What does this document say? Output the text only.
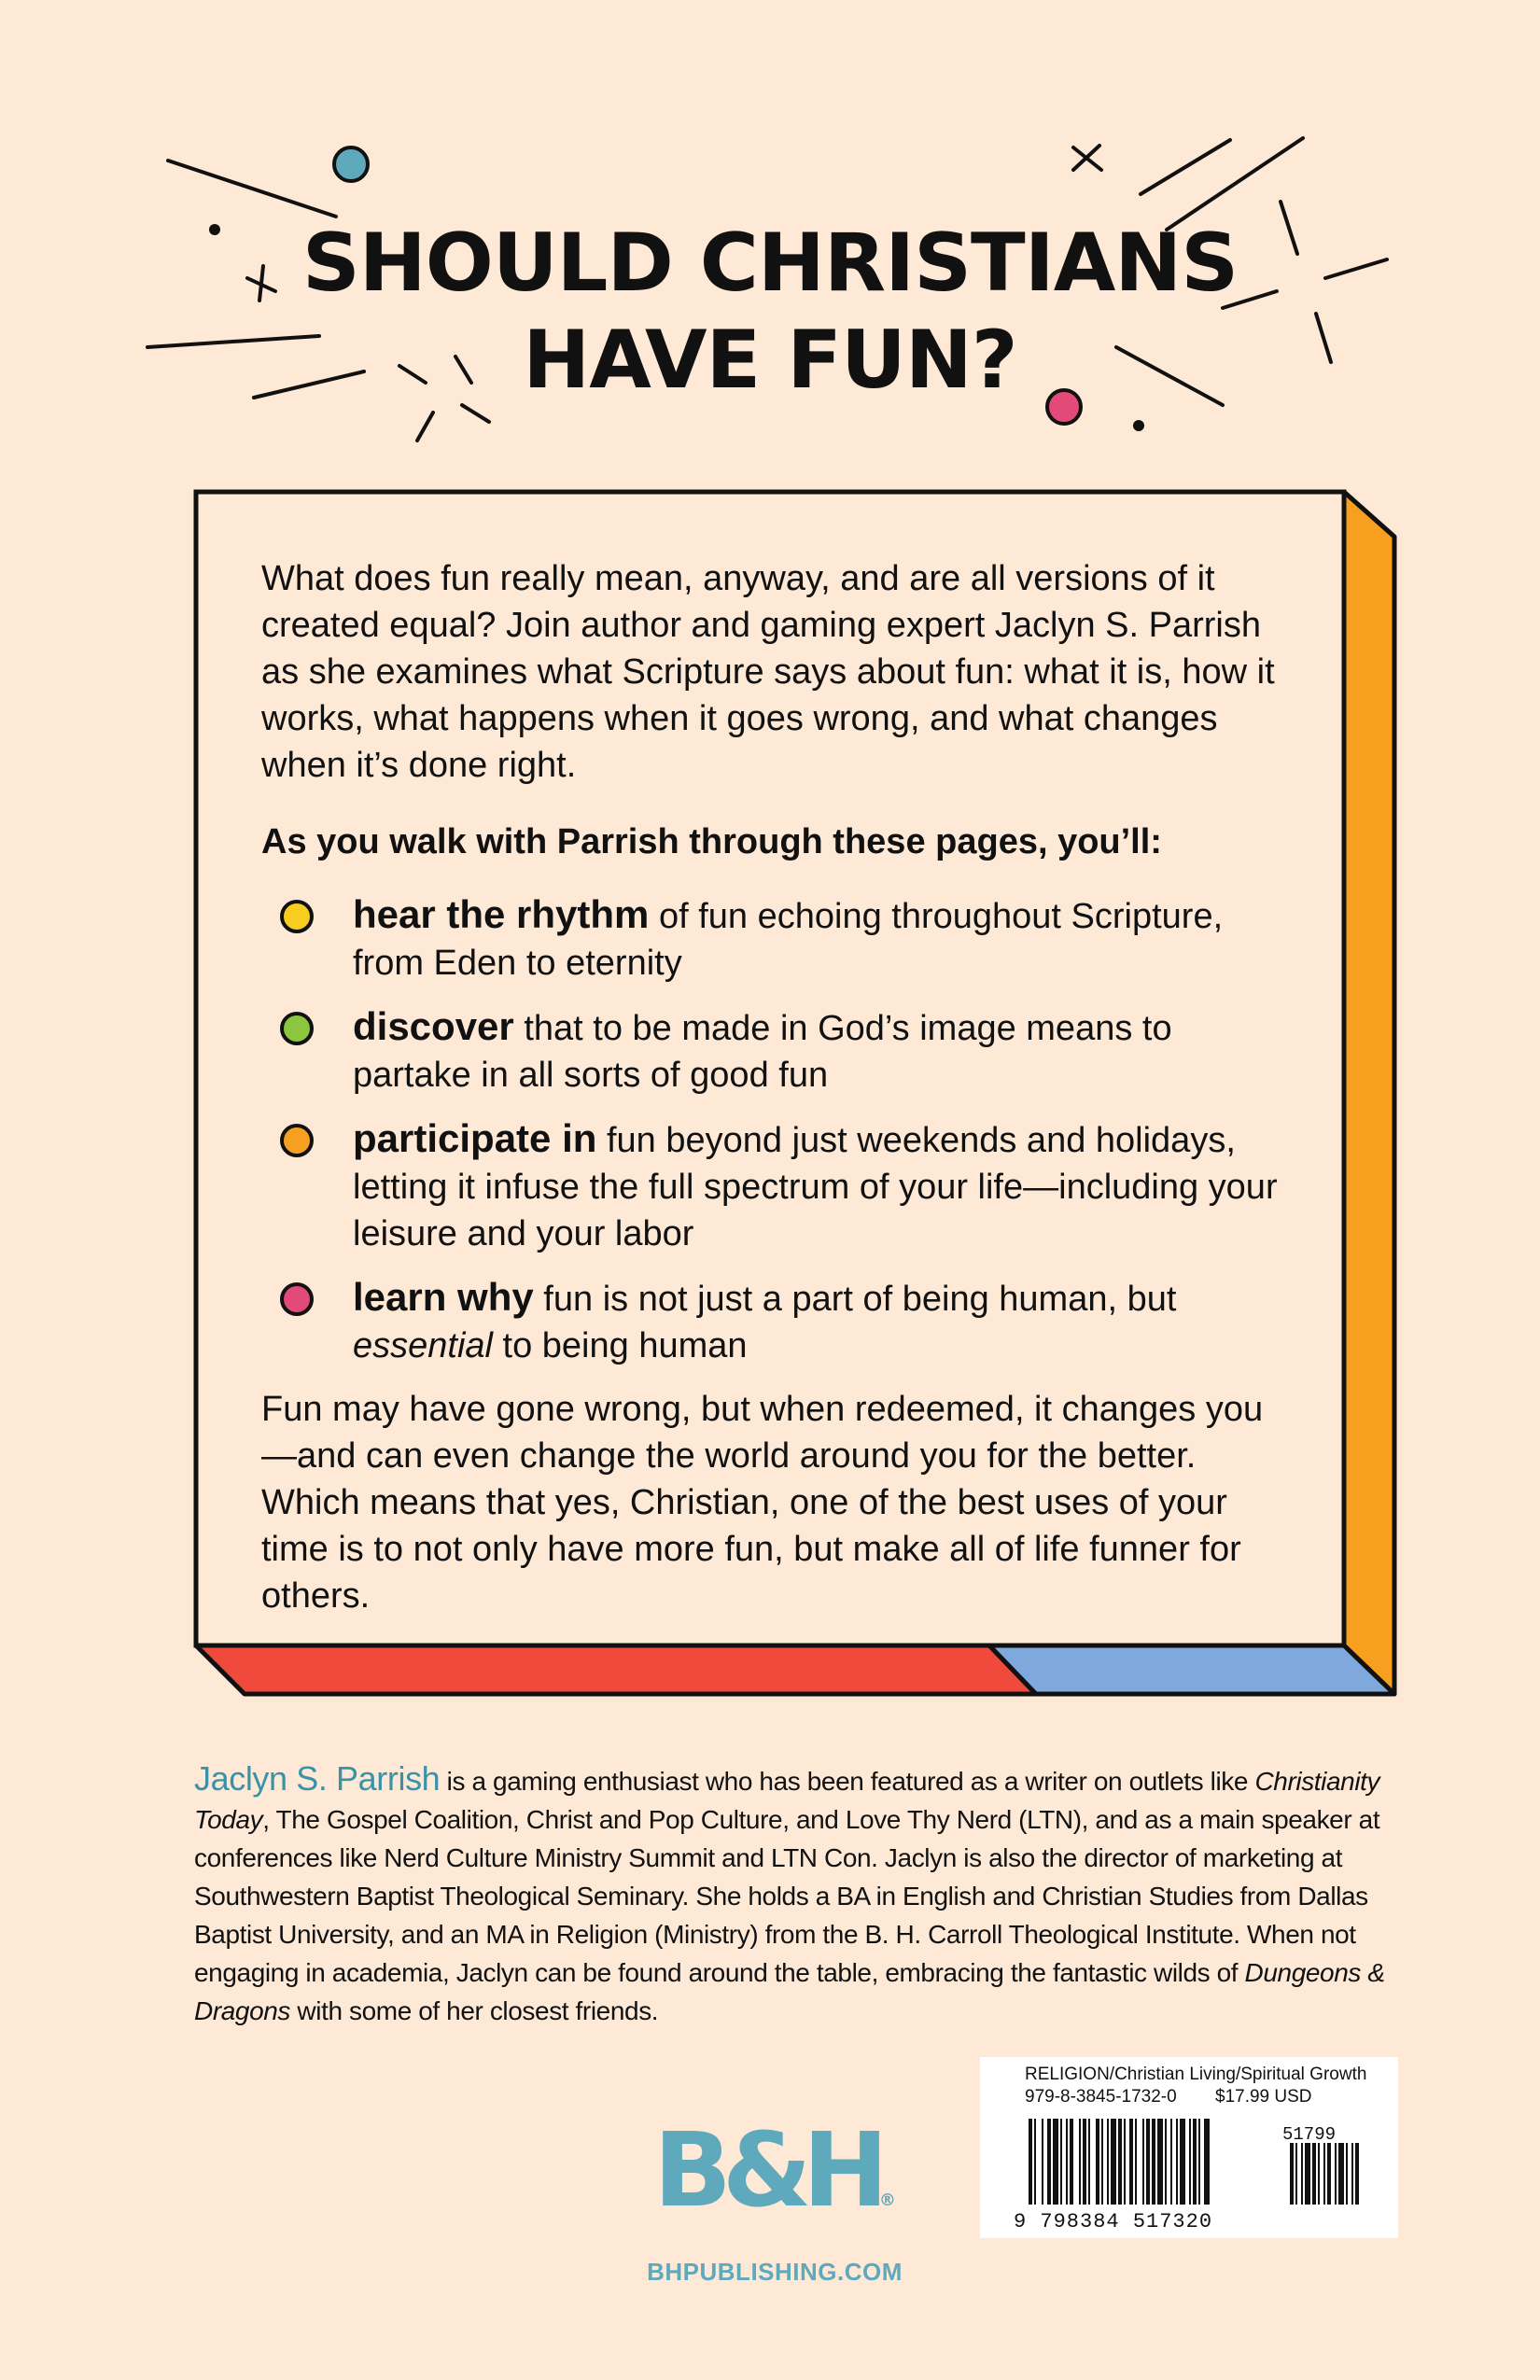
SHOULD CHRISTIANS
HAVE FUN?

What does fun really mean, anyway, and are all versions of it created equal? Join author and gaming expert Jaclyn S. Parrish as she examines what Scripture says about fun: what it is, how it works, what happens when it goes wrong, and what changes when it’s done right.

As you walk with Parrish through these pages, you’ll:

hear the rhythm of fun echoing throughout Scripture, from Eden to eternity
discover that to be made in God’s image means to partake in all sorts of good fun
participate in fun beyond just weekends and holidays, letting it infuse the full spectrum of your life—including your leisure and your labor
learn why fun is not just a part of being human, but essential to being human

Fun may have gone wrong, but when redeemed, it changes you—and can even change the world around you for the better. Which means that yes, Christian, one of the best uses of your time is to not only have more fun, but make all of life funner for others.

Jaclyn S. Parrish is a gaming enthusiast who has been featured as a writer on outlets like Christianity Today, The Gospel Coalition, Christ and Pop Culture, and Love Thy Nerd (LTN), and as a main speaker at conferences like Nerd Culture Ministry Summit and LTN Con. Jaclyn is also the director of marketing at Southwestern Baptist Theological Seminary. She holds a BA in English and Christian Studies from Dallas Baptist University, and an MA in Religion (Ministry) from the B. H. Carroll Theological Institute. When not engaging in academia, Jaclyn can be found around the table, embracing the fantastic wilds of Dungeons & Dragons with some of her closest friends.

B&H®
BHPUBLISHING.COM
RELIGION/Christian Living/Spiritual Growth
979-8-3845-1732-0 $17.99 USD
51799
9 798384 517320
